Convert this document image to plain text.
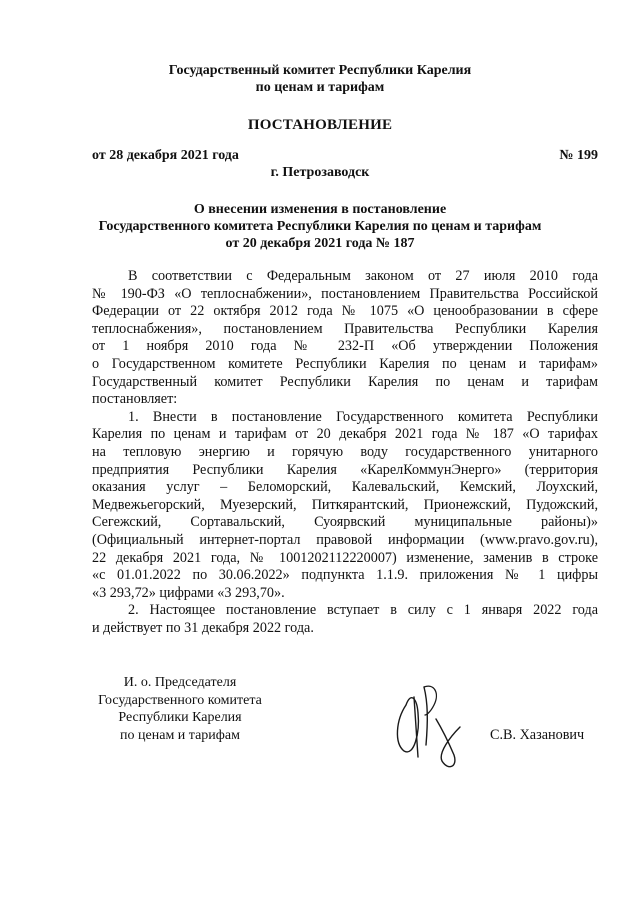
Государственный комитет Республики Карелия
по ценам и тарифам
ПОСТАНОВЛЕНИЕ
от 28 декабря 2021 года	№ 199
г. Петрозаводск
О внесении изменения в постановление
Государственного комитета Республики Карелия по ценам и тарифам
от 20 декабря 2021 года № 187
В соответствии с Федеральным законом от 27 июля 2010 года
№ 190-ФЗ «О теплоснабжении», постановлением Правительства Российской
Федерации от 22 октября 2012 года № 1075 «О ценообразовании в сфере
теплоснабжения», постановлением Правительства Республики Карелия
от 1 ноября 2010 года № 232-П «Об утверждении Положения
о Государственном комитете Республики Карелия по ценам и тарифам»
Государственный комитет Республики Карелия по ценам и тарифам
постановляет:
1. Внести в постановление Государственного комитета Республики
Карелия по ценам и тарифам от 20 декабря 2021 года № 187 «О тарифах
на тепловую энергию и горячую воду государственного унитарного
предприятия Республики Карелия «КарелКоммунЭнерго» (территория
оказания услуг – Беломорский, Калевальский, Кемский, Лоухский,
Медвежьегорский, Муезерский, Питкярантский, Прионежский, Пудожский,
Сегежский, Сортавальский, Суоярвский муниципальные районы)»
(Официальный интернет-портал правовой информации (www.pravo.gov.ru),
22 декабря 2021 года, № 1001202112220007) изменение, заменив в строке
«с 01.01.2022 по 30.06.2022» подпункта 1.1.9. приложения № 1 цифры
«3 293,72» цифрами «3 293,70».
2. Настоящее постановление вступает в силу с 1 января 2022 года
и действует по 31 декабря 2022 года.
И. о. Председателя
Государственного комитета
Республики Карелия
по ценам и тарифам	С.В. Хазанович
